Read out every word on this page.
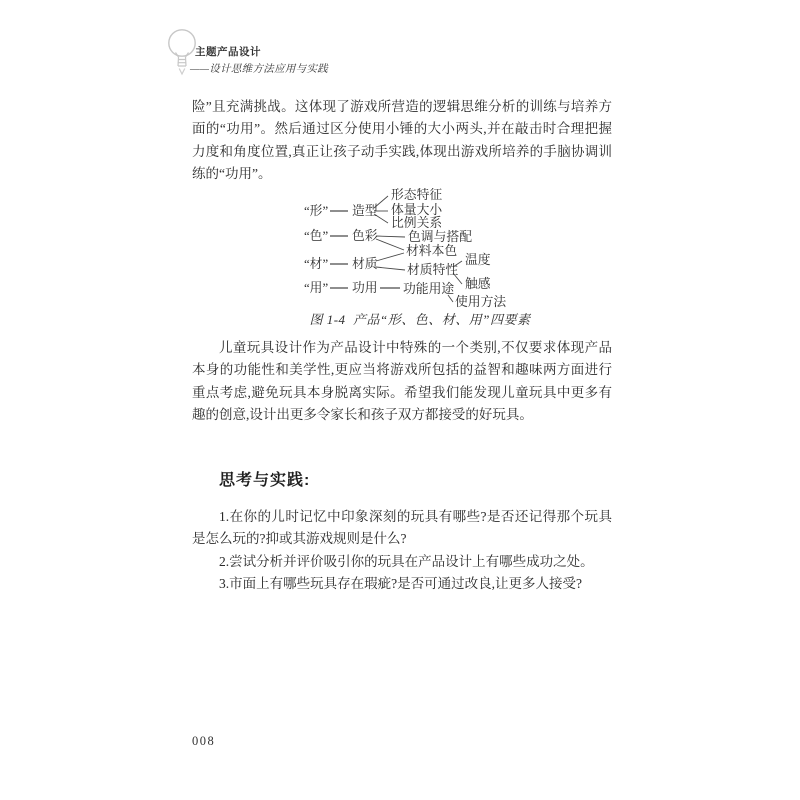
主题产品设计
——设计思维方法应用与实践

险”且充满挑战。这体现了游戏所营造的逻辑思维分析的训练与培养方面的“功用”。然后通过区分使用小锤的大小两头,并在敲击时合理把握力度和角度位置,真正让孩子动手实践,体现出游戏所培养的手脑协调训练的“功用”。

“形” 造型
形态特征
体量大小
比例关系
“色” 色彩 色调与搭配
材料本色
“材” 材质 材质特性
温度
触感
“用” 功用 功能用途
使用方法

图 1-4  产品“形、色、材、用”四要素

儿童玩具设计作为产品设计中特殊的一个类别,不仅要求体现产品本身的功能性和美学性,更应当将游戏所包括的益智和趣味两方面进行重点考虑,避免玩具本身脱离实际。希望我们能发现儿童玩具中更多有趣的创意,设计出更多令家长和孩子双方都接受的好玩具。

思考与实践:

1.在你的儿时记忆中印象深刻的玩具有哪些?是否还记得那个玩具是怎么玩的?抑或其游戏规则是什么?

2.尝试分析并评价吸引你的玩具在产品设计上有哪些成功之处。

3.市面上有哪些玩具存在瑕疵?是否可通过改良,让更多人接受?

008
